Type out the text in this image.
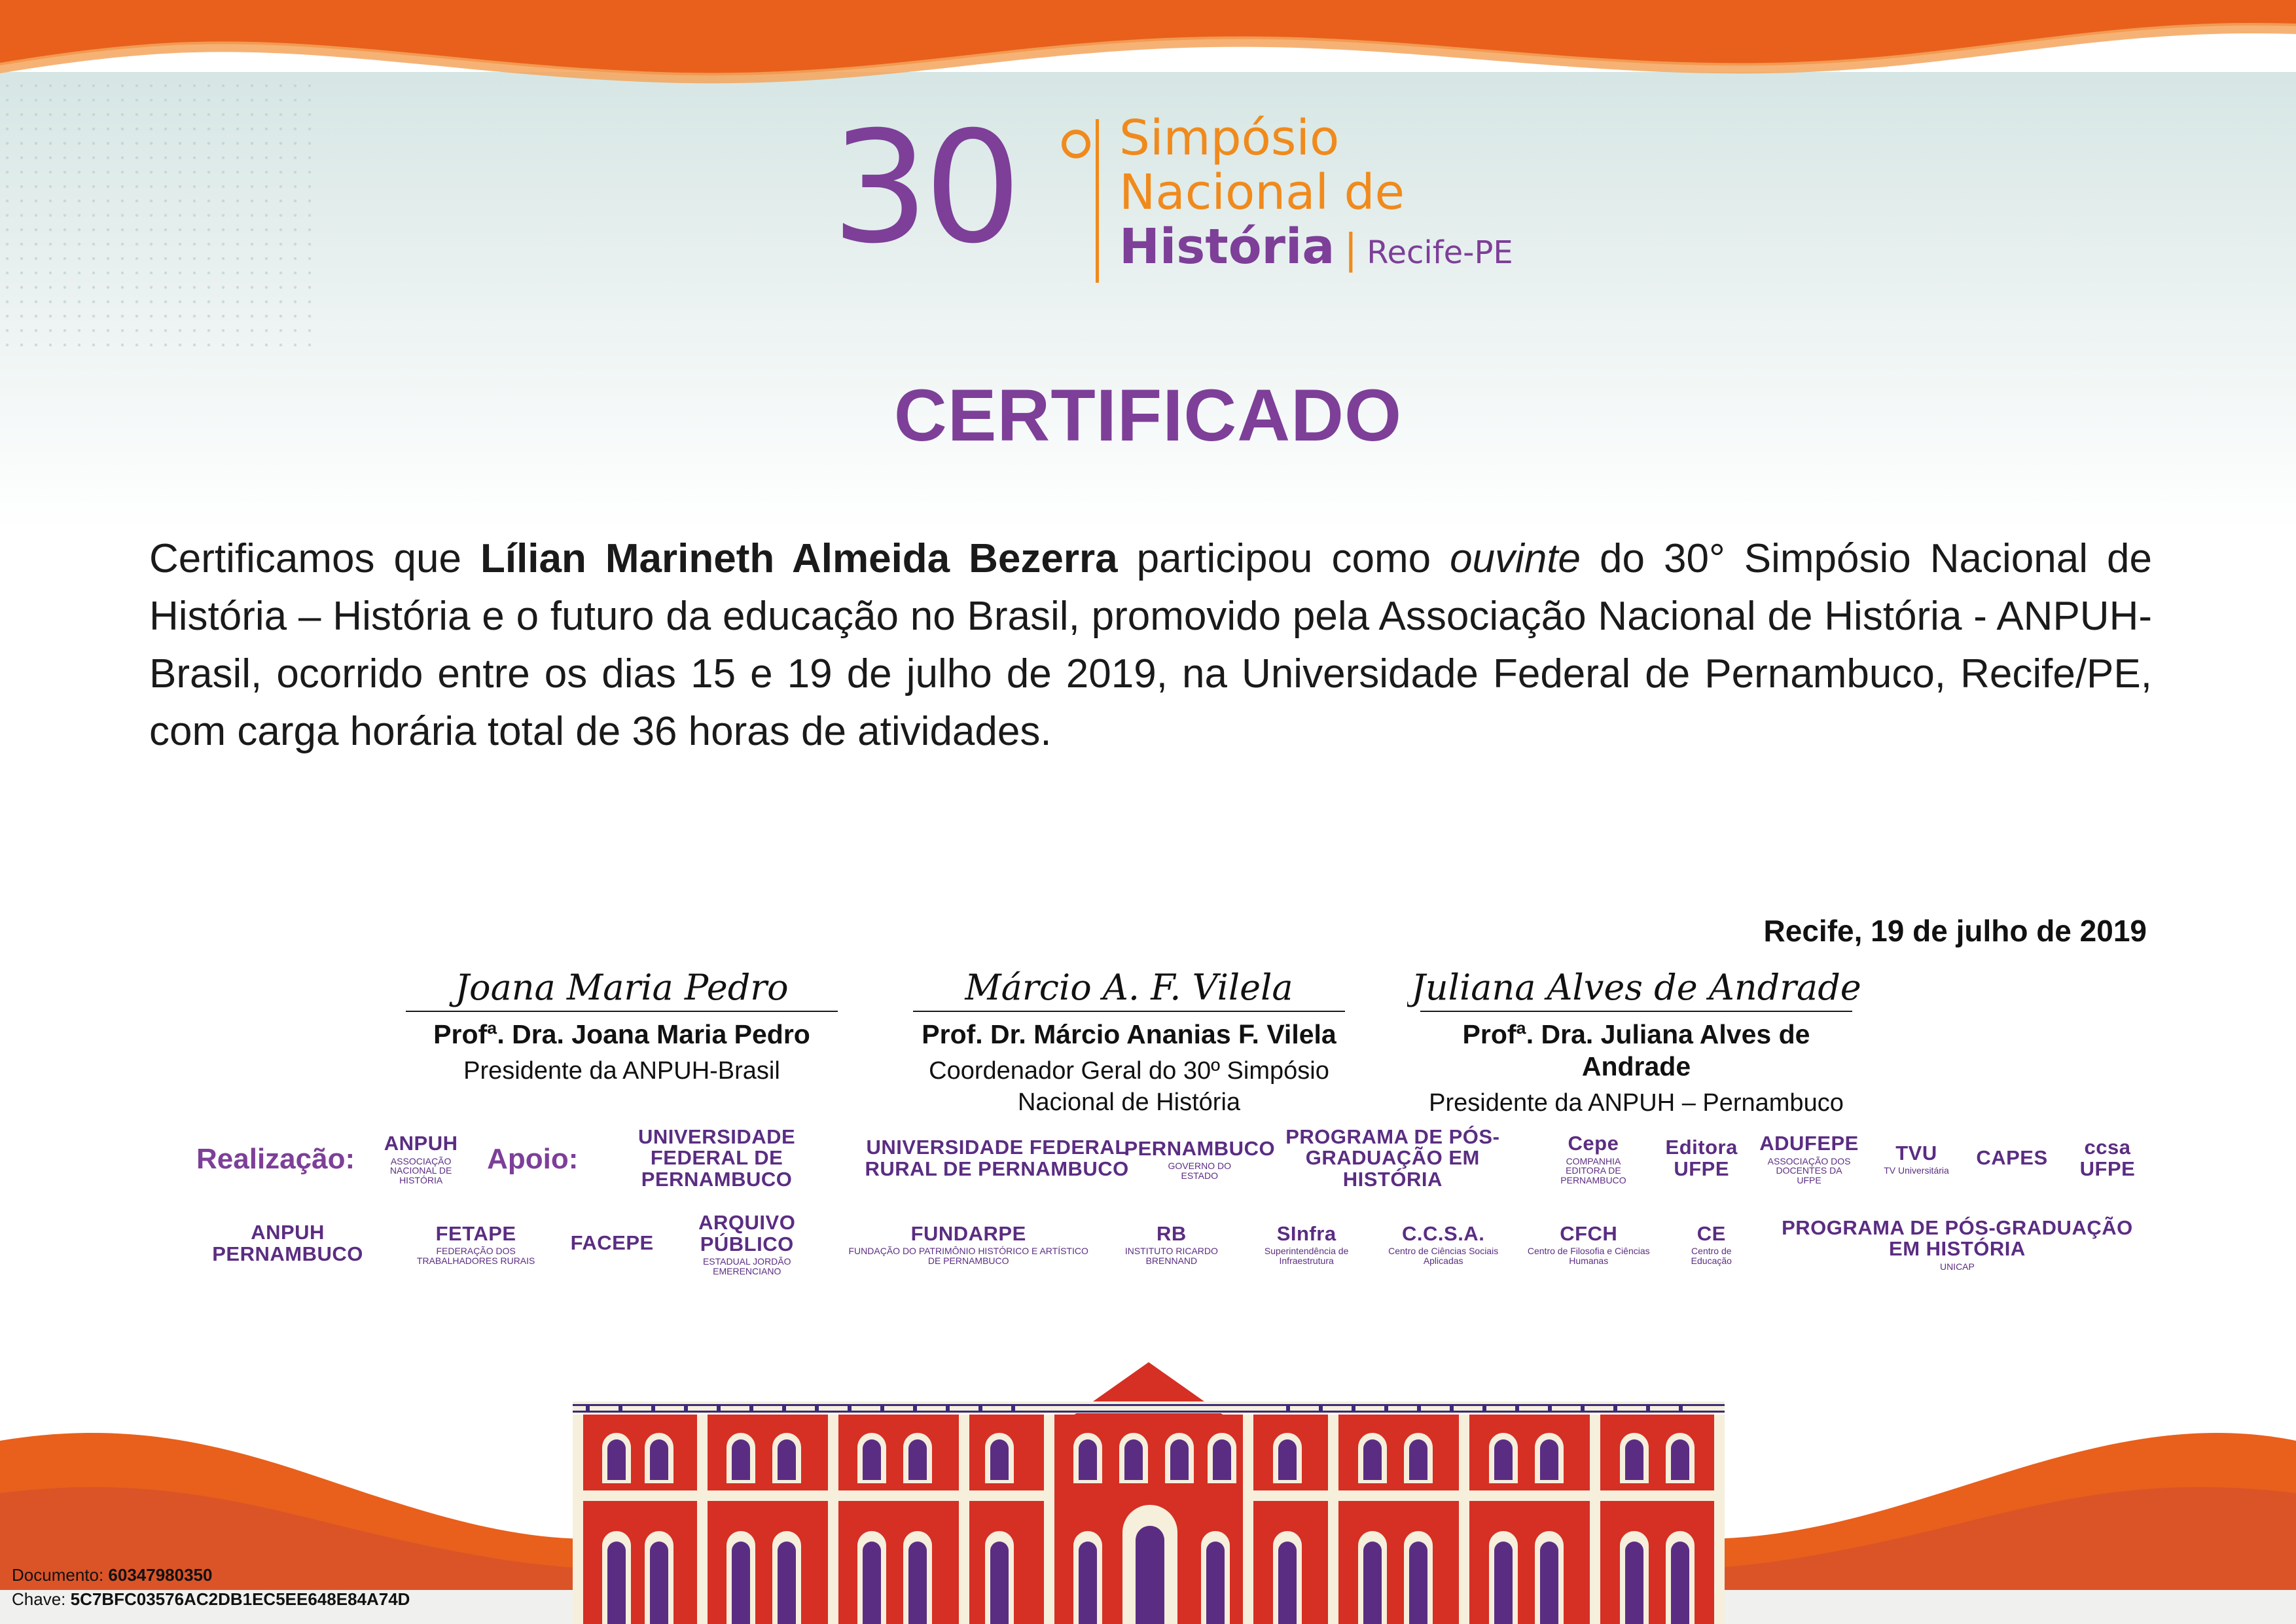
30 Simpósio
Nacional de
História | Recife-PE
CERTIFICADO
Certificamos que Lílian Marineth Almeida Bezerra participou como ouvinte do 30° Simpósio Nacional de História – História e o futuro da educação no Brasil, promovido pela Associação Nacional de História - ANPUH-Brasil, ocorrido entre os dias 15 e 19 de julho de 2019, na Universidade Federal de Pernambuco, Recife/PE, com carga horária total de 36 horas de atividades.
Recife, 19 de julho de 2019
Joana Maria Pedro
Profª. Dra. Joana Maria Pedro
Presidente da ANPUH-Brasil
Márcio A. F. Vilela
Prof. Dr. Márcio Ananias F. Vilela
Coordenador Geral do 30º Simpósio Nacional de História
Juliana Alves de Andrade
Profª. Dra. Juliana Alves de Andrade
Presidente da ANPUH – Pernambuco
Realização: ANPUH
ASSOCIAÇÃO NACIONAL DE HISTÓRIA
Apoio:
UNIVERSIDADE FEDERAL DE PERNAMBUCO
UNIVERSIDADE FEDERAL RURAL DE PERNAMBUCO
PERNAMBUCO
GOVERNO DO ESTADO
PROGRAMA DE PÓS-GRADUAÇÃO EM HISTÓRIA
Cepe
COMPANHIA EDITORA DE PERNAMBUCO
Editora UFPE
ADUFEPE
ASSOCIAÇÃO DOS DOCENTES DA UFPE
TVU
TV Universitária
CAPES	ccsa UFPE
ANPUH PERNAMBUCO
FETAPE
FEDERAÇÃO DOS TRABALHADORES RURAIS
FACEPE
ARQUIVO PÚBLICO
ESTADUAL JORDÃO EMERENCIANO
FUNDARPE
FUNDAÇÃO DO PATRIMÔNIO HISTÓRICO E ARTÍSTICO DE PERNAMBUCO
RB
INSTITUTO RICARDO BRENNAND
SInfra
Superintendência de Infraestrutura
C.C.S.A.
Centro de Ciências Sociais Aplicadas
CFCH
Centro de Filosofia e Ciências Humanas
CE
Centro de Educação
PROGRAMA DE PÓS-GRADUAÇÃO EM HISTÓRIA
UNICAP
Documento: 60347980350
Chave: 5C7BFC03576AC2DB1EC5EE648E84A74D
